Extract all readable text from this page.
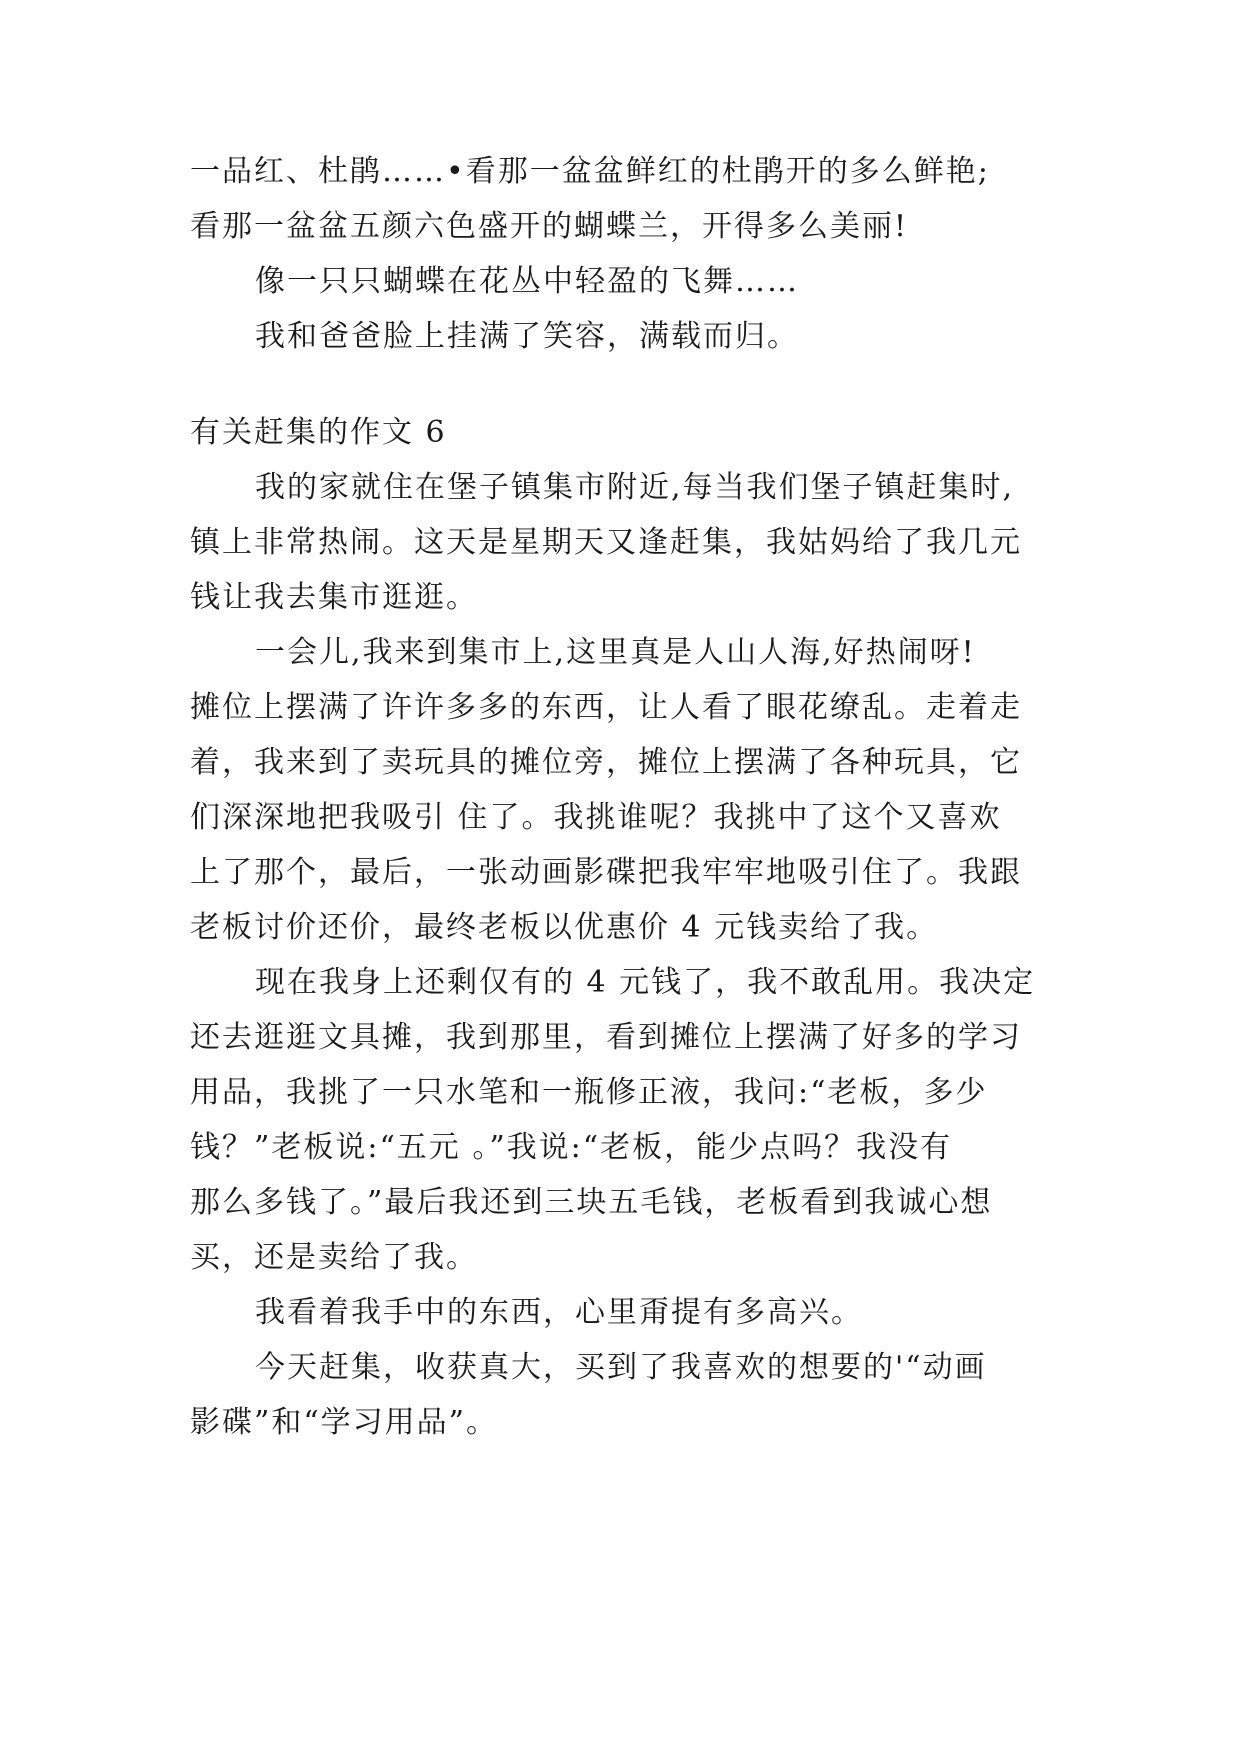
一品红、杜鹃……•看那一盆盆鲜红的杜鹃开的多么鲜艳;
看那一盆盆五颜六色盛开的蝴蝶兰，开得多么美丽!
像一只只蝴蝶在花丛中轻盈的飞舞……
我和爸爸脸上挂满了笑容，满载而归。
有关赶集的作文 6
我的家就住在堡子镇集市附近,每当我们堡子镇赶集时,
镇上非常热闹。这天是星期天又逢赶集，我姑妈给了我几元
钱让我去集市逛逛。
一会儿,我来到集市上,这里真是人山人海,好热闹呀!
摊位上摆满了许许多多的东西，让人看了眼花缭乱。走着走
着，我来到了卖玩具的摊位旁，摊位上摆满了各种玩具，它
们深深地把我吸引 住了。我挑谁呢？我挑中了这个又喜欢
上了那个，最后，一张动画影碟把我牢牢地吸引住了。我跟
老板讨价还价，最终老板以优惠价 4 元钱卖给了我。
现在我身上还剩仅有的 4 元钱了，我不敢乱用。我决定
还去逛逛文具摊，我到那里，看到摊位上摆满了好多的学习
用品，我挑了一只水笔和一瓶修正液，我问:“老板，多少
钱？”老板说:“五元 。”我说:“老板，能少点吗？我没有
那么多钱了。”最后我还到三块五毛钱，老板看到我诚心想
买，还是卖给了我。
我看着我手中的东西，心里甭提有多高兴。
今天赶集，收获真大，买到了我喜欢的想要的'“动画
影碟”和“学习用品”。
